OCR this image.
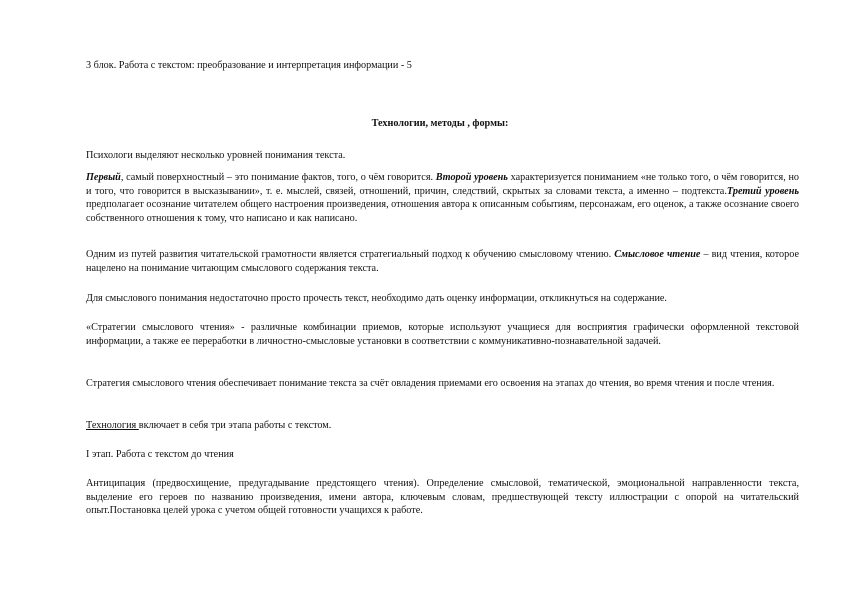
3 блок. Работа с текстом: преобразование и интерпретация информации - 5

Технологии, методы , формы:

Психологи выделяют несколько уровней понимания текста.

Первый, самый поверхностный – это понимание фактов, того, о чём говорится. Второй уровень характеризуется пониманием «не только того, о чём говорится, но и того, что говорится в высказывании», т. е. мыслей, связей, отношений, причин, следствий, скрытых за словами текста, а именно – подтекста.Третий уровень предполагает осознание читателем общего настроения произведения, отношения автора к описанным событиям, персонажам, его оценок, а также осознание своего собственного отношения к тому, что написано и как написано.

Одним из путей развития читательской грамотности является стратегиальный подход к обучению смысловому чтению. Смысловое чтение – вид чтения, которое нацелено на понимание читающим смыслового содержания текста.

Для смыслового понимания недостаточно просто прочесть текст, необходимо дать оценку информации, откликнуться на содержание.

«Стратегии смыслового чтения» - различные комбинации приемов, которые используют учащиеся для восприятия графически оформленной текстовой информации, а также ее переработки в личностно-смысловые установки в соответствии с коммуникативно-познавательной задачей.

Стратегия смыслового чтения обеспечивает понимание текста за счёт овладения приемами его освоения на этапах до чтения, во время чтения и после чтения.

Технология включает в себя три этапа работы с текстом.

I этап. Работа с текстом до чтения

Антиципация (предвосхищение, предугадывание предстоящего чтения). Определение смысловой, тематической, эмоциональной направленности текста, выделение его героев по названию произведения, имени автора, ключевым словам, предшествующей тексту иллюстрации с опорой на читательский опыт.Постановка целей урока с учетом общей готовности учащихся к работе.
